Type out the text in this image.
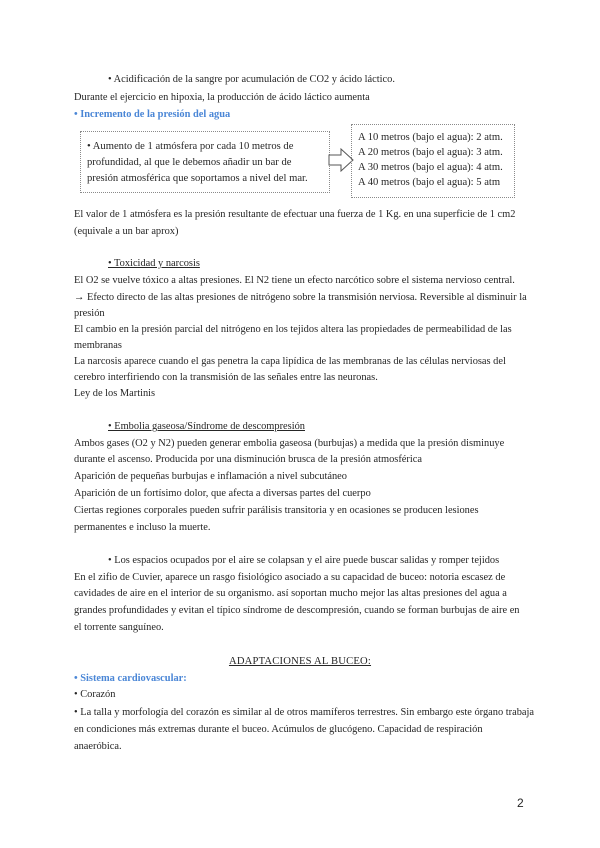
• Acidificación de la sangre por acumulación de CO2 y ácido láctico.
Durante el ejercicio en hipoxia, la producción de ácido láctico aumenta
• Incremento de la presión del agua
• Aumento de 1 atmósfera por cada 10 metros de
profundidad, al que le debemos añadir un bar de
presión atmosférica que soportamos a nivel del mar.
A 10 metros (bajo el agua): 2 atm.
A 20 metros (bajo el agua): 3 atm.
A 30 metros (bajo el agua): 4 atm.
A 40 metros (bajo el agua): 5 atm
El valor de 1 atmósfera es la presión resultante de efectuar una fuerza de 1 Kg. en una superficie de 1 cm2
(equivale a un bar aprox)
• Toxicidad y narcosis
El O2 se vuelve tóxico a altas presiones. El N2 tiene un efecto narcótico sobre el sistema nervioso central.
→ Efecto directo de las altas presiones de nitrógeno sobre la transmisión nerviosa. Reversible al disminuir la
presión
El cambio en la presión parcial del nitrógeno en los tejidos altera las propiedades de permeabilidad de las
membranas
La narcosis aparece cuando el gas penetra la capa lipídica de las membranas de las células nerviosas del
cerebro interfiriendo con la transmisión de las señales entre las neuronas.
Ley de los Martinis
• Embolia gaseosa/Síndrome de descompresión
Ambos gases (O2 y N2) pueden generar embolia gaseosa (burbujas) a medida que la presión disminuye
durante el ascenso. Producida por una disminución brusca de la presión atmosférica
Aparición de pequeñas burbujas e inflamación a nivel subcutáneo
Aparición de un fortísimo dolor, que afecta a diversas partes del cuerpo
Ciertas regiones corporales pueden sufrir parálisis transitoria y en ocasiones se producen lesiones
permanentes e incluso la muerte.
• Los espacios ocupados por el aire se colapsan y el aire puede buscar salidas y romper tejidos
En el zifio de Cuvier, aparece un rasgo fisiológico asociado a su capacidad de buceo: notoria escasez de
cavidades de aire en el interior de su organismo. así soportan mucho mejor las altas presiones del agua a
grandes profundidades y evitan el típico síndrome de descompresión, cuando se forman burbujas de aire en
el torrente sanguíneo.
ADAPTACIONES AL BUCEO:
• Sistema cardiovascular:
• Corazón
• La talla y morfología del corazón es similar al de otros mamíferos terrestres. Sin embargo este órgano trabaja
en condiciones más extremas durante el buceo. Acúmulos de glucógeno. Capacidad de respiración
anaeróbica.
2
